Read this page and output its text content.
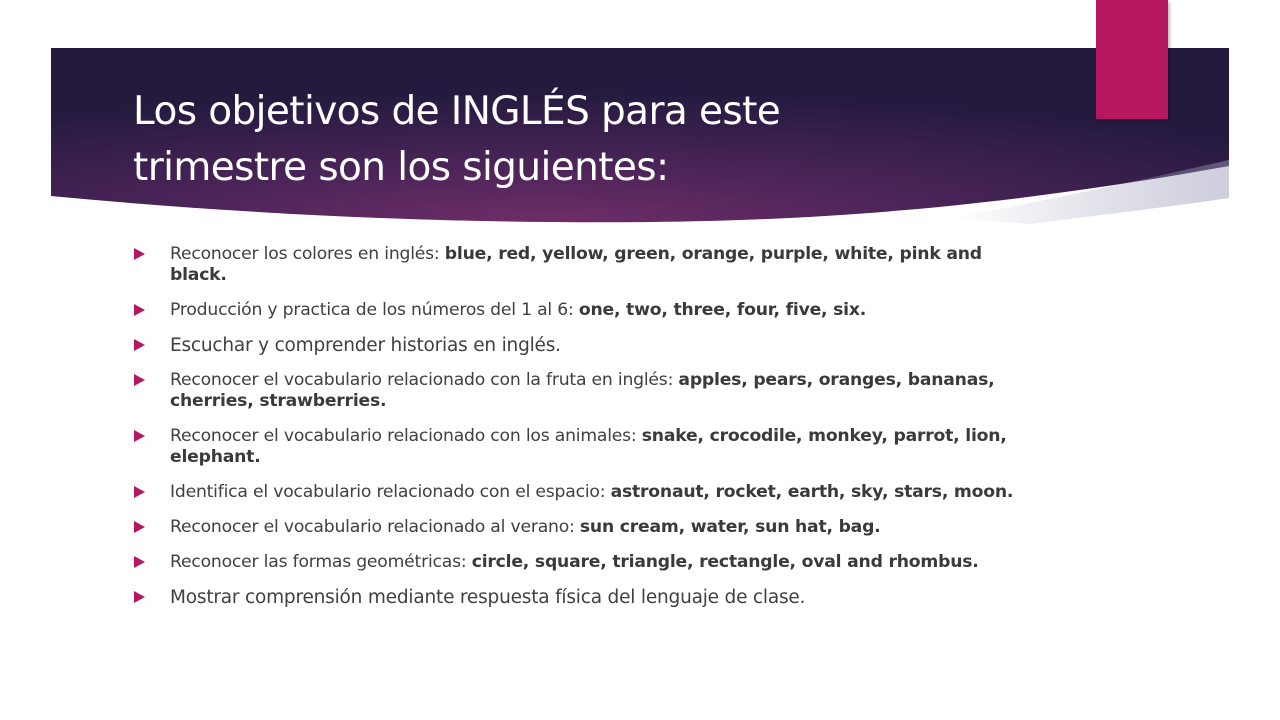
Los objetivos de INGLÉS para este trimestre son los siguientes:
Reconocer los colores en inglés: blue, red, yellow, green, orange, purple, white, pink and black.
Producción y practica de los números del 1 al 6: one, two, three, four, five, six.
Escuchar y comprender historias en inglés.
Reconocer el vocabulario relacionado con la fruta en inglés: apples, pears, oranges, bananas, cherries, strawberries.
Reconocer el vocabulario relacionado con los animales: snake, crocodile, monkey, parrot, lion, elephant.
Identifica el vocabulario relacionado con el espacio: astronaut, rocket, earth, sky, stars, moon.
Reconocer el vocabulario relacionado al verano: sun cream, water, sun hat, bag.
Reconocer las formas geométricas: circle, square, triangle, rectangle, oval and rhombus.
Mostrar comprensión mediante respuesta física del lenguaje de clase.
